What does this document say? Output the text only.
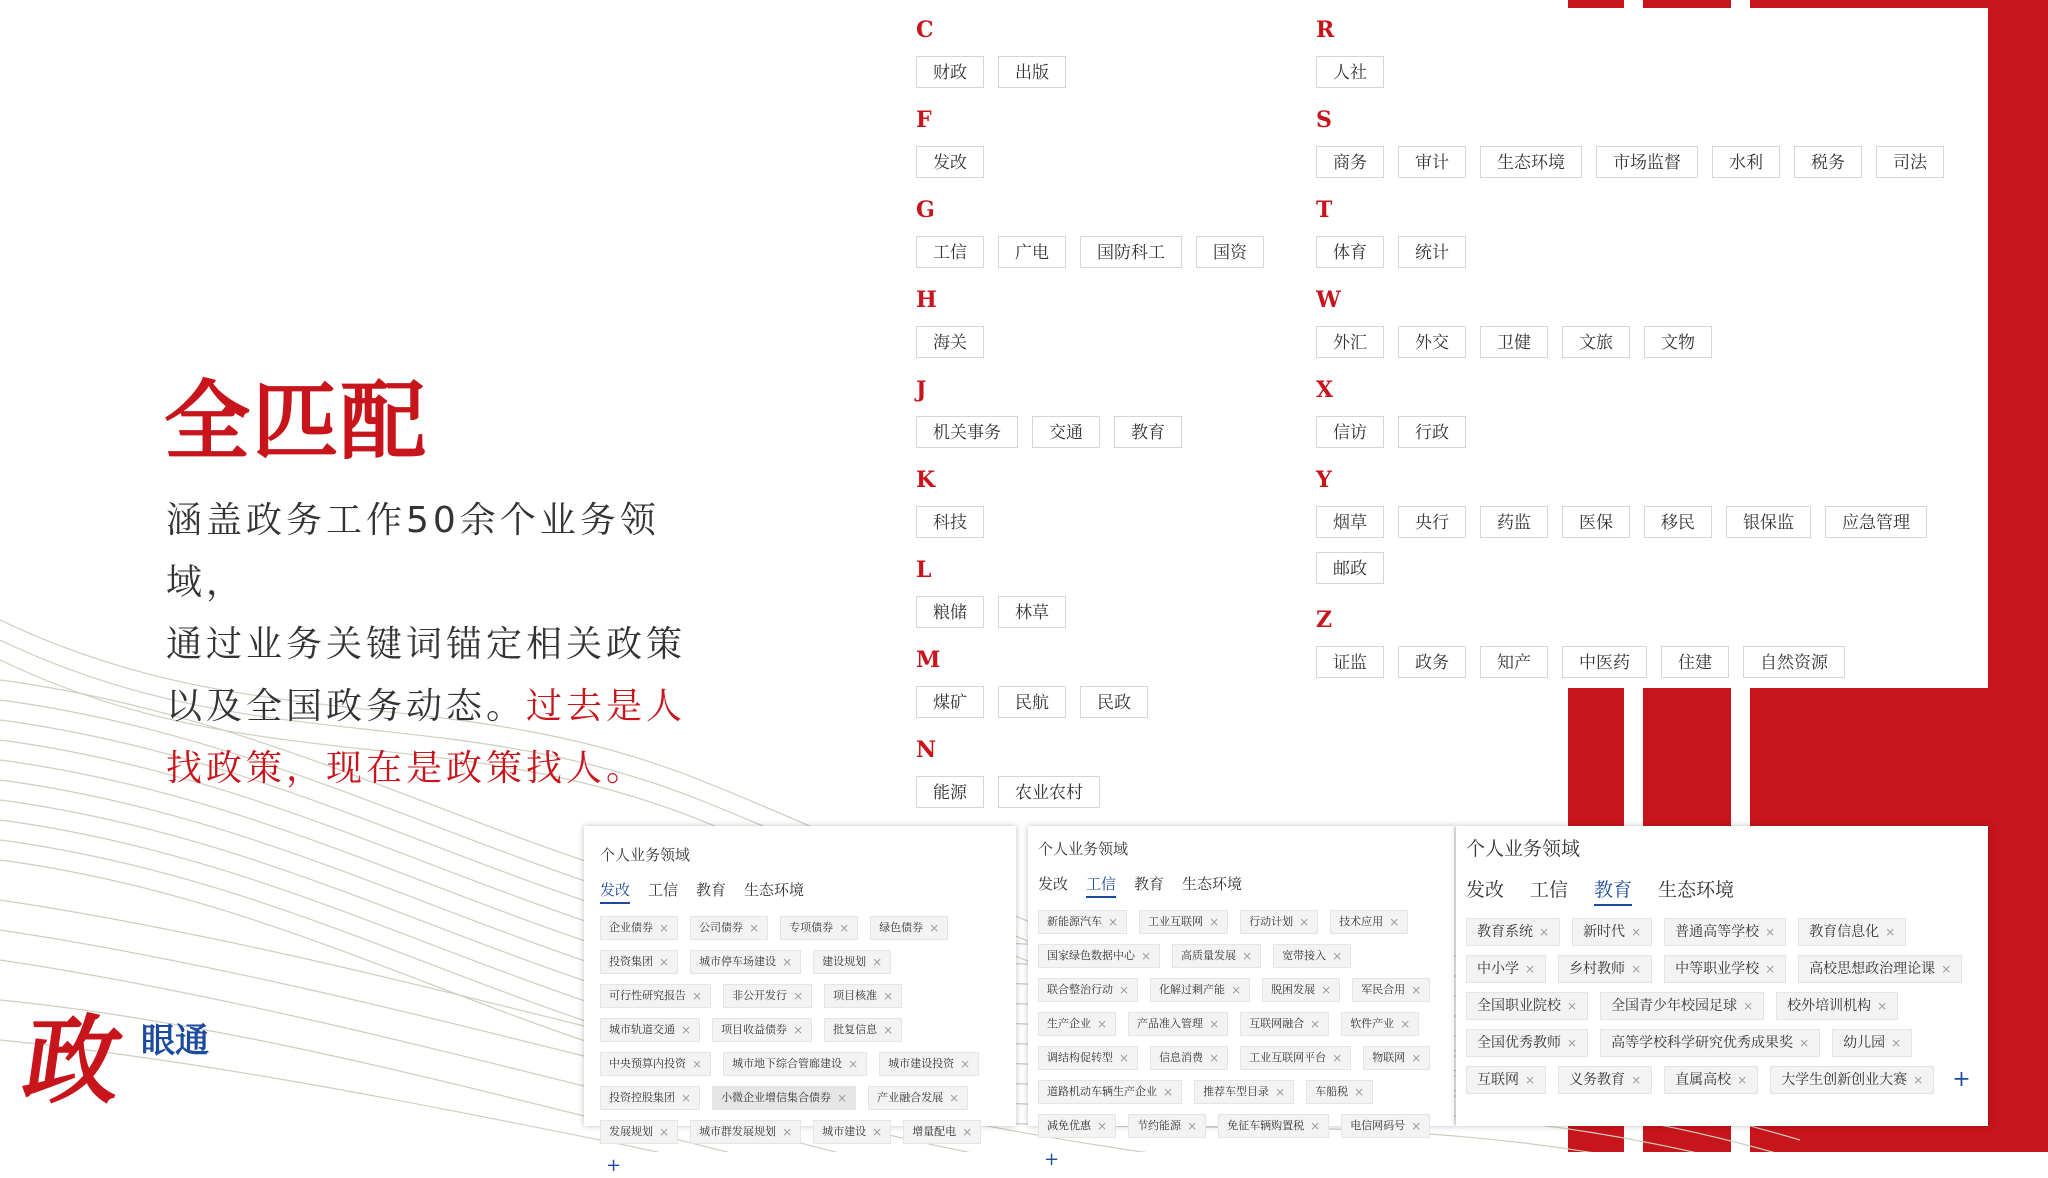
全匹配
涵盖政务工作50余个业务领域，
通过业务关键词锚定相关政策
以及全国政务动态。过去是人
找政策，现在是政策找人。
政 眼通
C
财政	出版
F
发改
G
工信	广电	国防科工	国资
H
海关
J
机关事务	交通	教育
K
科技
L
粮储	林草
M
煤矿	民航	民政
N
能源	农业农村
R
人社
S
商务	审计	生态环境	市场监督	水利	税务	司法
T
体育	统计
W
外汇	外交	卫健	文旅	文物
X
信访	行政
Y
烟草	央行	药监	医保	移民	银保监	应急管理
邮政
Z
证监	政务	知产	中医药	住建	自然资源
个人业务领域
发改 工信 教育 生态环境
企业债券 ×	公司债券 ×	专项债券 ×	绿色债券 ×
投资集团 ×	城市停车场建设 ×	建设规划 ×
可行性研究报告 ×	非公开发行 ×	项目核准 ×
城市轨道交通 ×	项目收益债券 ×	批复信息 ×
中央预算内投资 ×	城市地下综合管廊建设 ×	城市建设投资 ×
投资控股集团 ×	小微企业增信集合债券 ×	产业融合发展 ×
发展规划 ×	城市群发展规划 ×	城市建设 ×	增量配电 ×
+
个人业务领域
发改 工信 教育 生态环境
新能源汽车 ×	工业互联网 ×	行动计划 ×	技术应用 ×
国家绿色数据中心 ×	高质量发展 ×	宽带接入 ×
联合整治行动 ×	化解过剩产能 ×	脱困发展 ×	军民合用 ×
生产企业 ×	产品准入管理 ×	互联网融合 ×	软件产业 ×
调结构促转型 ×	信息消费 ×	工业互联网平台 ×	物联网 ×
道路机动车辆生产企业 ×	推荐车型目录 ×	车船税 ×
减免优惠 ×	节约能源 ×	免征车辆购置税 ×	电信网码号 ×
+
个人业务领域
发改 工信 教育 生态环境
教育系统 × 新时代 × 普通高等学校 × 教育信息化 ×
中小学 × 乡村教师 × 中等职业学校 × 高校思想政治理论课 ×
全国职业院校 × 全国青少年校园足球 × 校外培训机构 ×
全国优秀教师 × 高等学校科学研究优秀成果奖 × 幼儿园 ×
互联网 × 义务教育 × 直属高校 × 大学生创新创业大赛 × +
